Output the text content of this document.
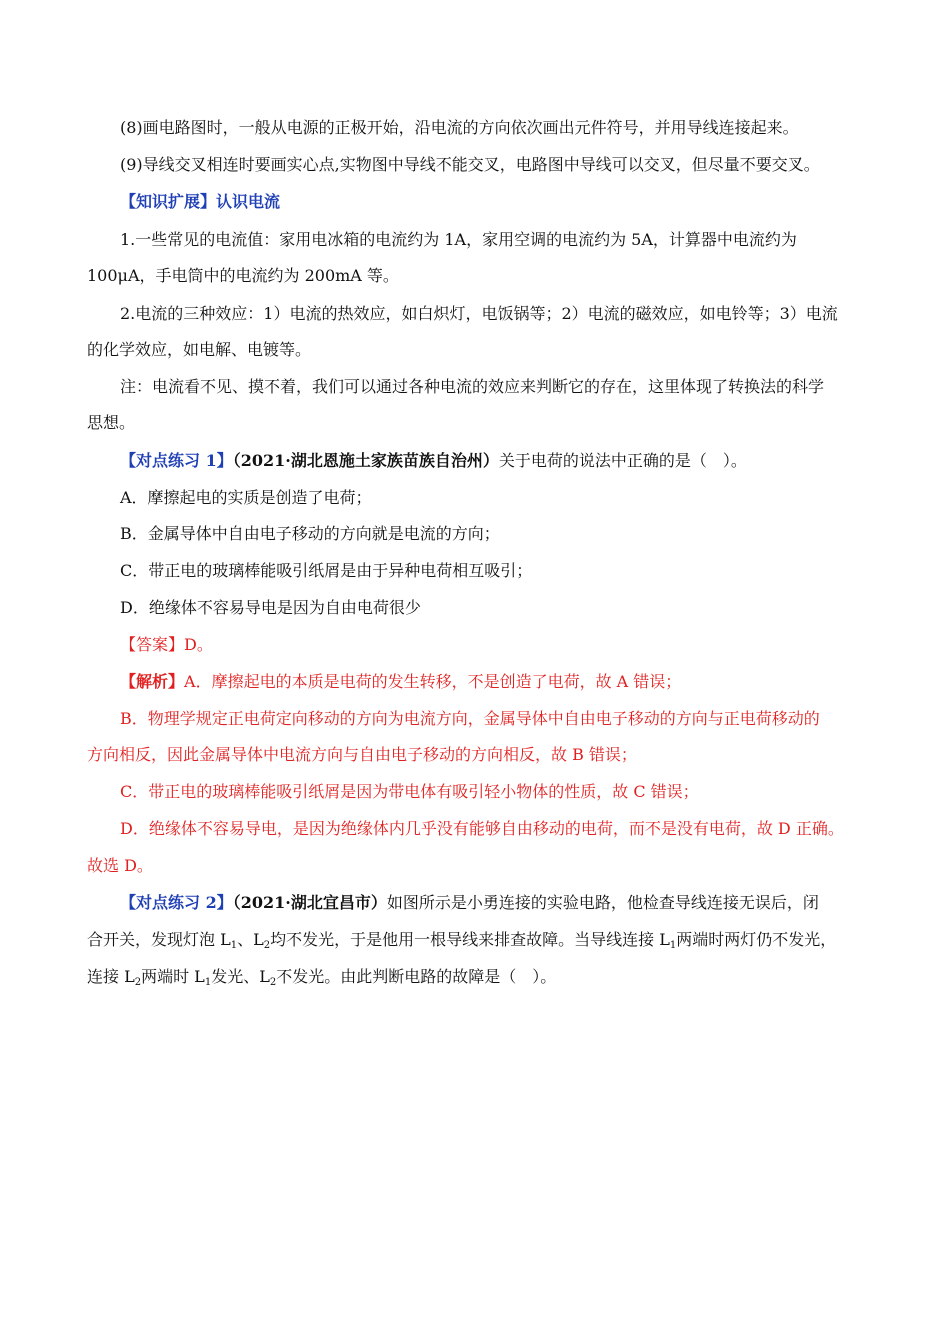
(8)画电路图时，一般从电源的正极开始，沿电流的方向依次画出元件符号，并用导线连接起来。
(9)导线交叉相连时要画实心点,实物图中导线不能交叉，电路图中导线可以交叉，但尽量不要交叉。
【知识扩展】认识电流
1.一些常见的电流值：家用电冰箱的电流约为 1A，家用空调的电流约为 5A，计算器中电流约为
100μA，手电筒中的电流约为 200mA 等。
2.电流的三种效应：1）电流的热效应，如白炽灯，电饭锅等；2）电流的磁效应，如电铃等；3）电流
的化学效应，如电解、电镀等。
注：电流看不见、摸不着，我们可以通过各种电流的效应来判断它的存在，这里体现了转换法的科学
思想。
【对点练习 1】（2021·湖北恩施土家族苗族自治州）关于电荷的说法中正确的是（　）。
A．摩擦起电的实质是创造了电荷；
B．金属导体中自由电子移动的方向就是电流的方向；
C．带正电的玻璃棒能吸引纸屑是由于异种电荷相互吸引；
D．绝缘体不容易导电是因为自由电荷很少
【答案】D。
【解析】A．摩擦起电的本质是电荷的发生转移，不是创造了电荷，故 A 错误；
B．物理学规定正电荷定向移动的方向为电流方向，金属导体中自由电子移动的方向与正电荷移动的
方向相反，因此金属导体中电流方向与自由电子移动的方向相反，故 B 错误；
C．带正电的玻璃棒能吸引纸屑是因为带电体有吸引轻小物体的性质，故 C 错误；
D．绝缘体不容易导电，是因为绝缘体内几乎没有能够自由移动的电荷，而不是没有电荷，故 D 正确。
故选 D。
【对点练习 2】（2021·湖北宜昌市）如图所示是小勇连接的实验电路，他检查导线连接无误后，闭
合开关，发现灯泡 $L_1$、$L_2$均不发光，于是他用一根导线来排查故障。当导线连接 $L_1$两端时两灯仍不发光，
连接 $L_2$两端时 $L_1$发光、$L_2$不发光。由此判断电路的故障是（　）。
